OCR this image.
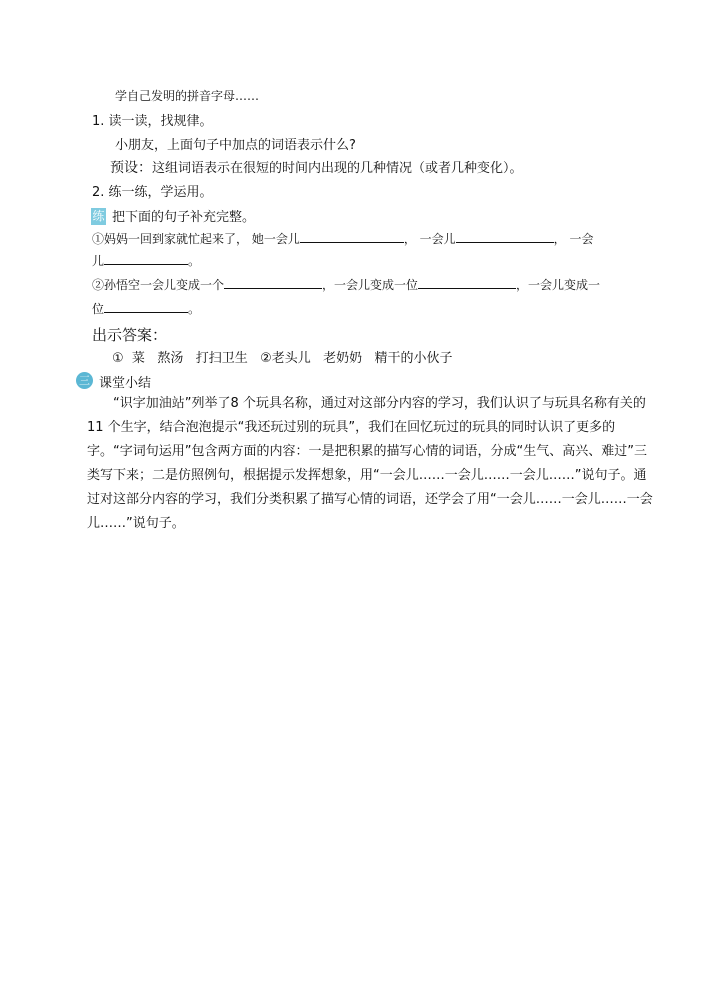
学自己发明的拼音字母……
1. 读一读，找规律。
小朋友，上面句子中加点的词语表示什么?
预设：这组词语表示在很短的时间内出现的几种情况（或者几种变化）。
2. 练一练，学运用。
练 把下面的句子补充完整。
①妈妈一回到家就忙起来了， 她一会儿	， 一会儿	， 一会
儿	。
②孙悟空一会儿变成一个	，一会儿变成一位	，一会儿变成一
位	。
出示答案：
①  菜   熬汤   打扫卫生   ②老头儿   老奶奶   精干的小伙子
三 课堂小结
“识字加油站”列举了8 个玩具名称，通过对这部分内容的学习，我们认识了与玩具名称有关的11 个生字，结合泡泡提示“我还玩过别的玩具”，我们在回忆玩过的玩具的同时认识了更多的字。“字词句运用”包含两方面的内容：一是把积累的描写心情的词语，分成“生气、高兴、难过”三类写下来；二是仿照例句，根据提示发挥想象，用“一会儿……一会儿……一会儿……”说句子。通过对这部分内容的学习，我们分类积累了描写心情的词语，还学会了用“一会儿……一会儿……一会儿……”说句子。
